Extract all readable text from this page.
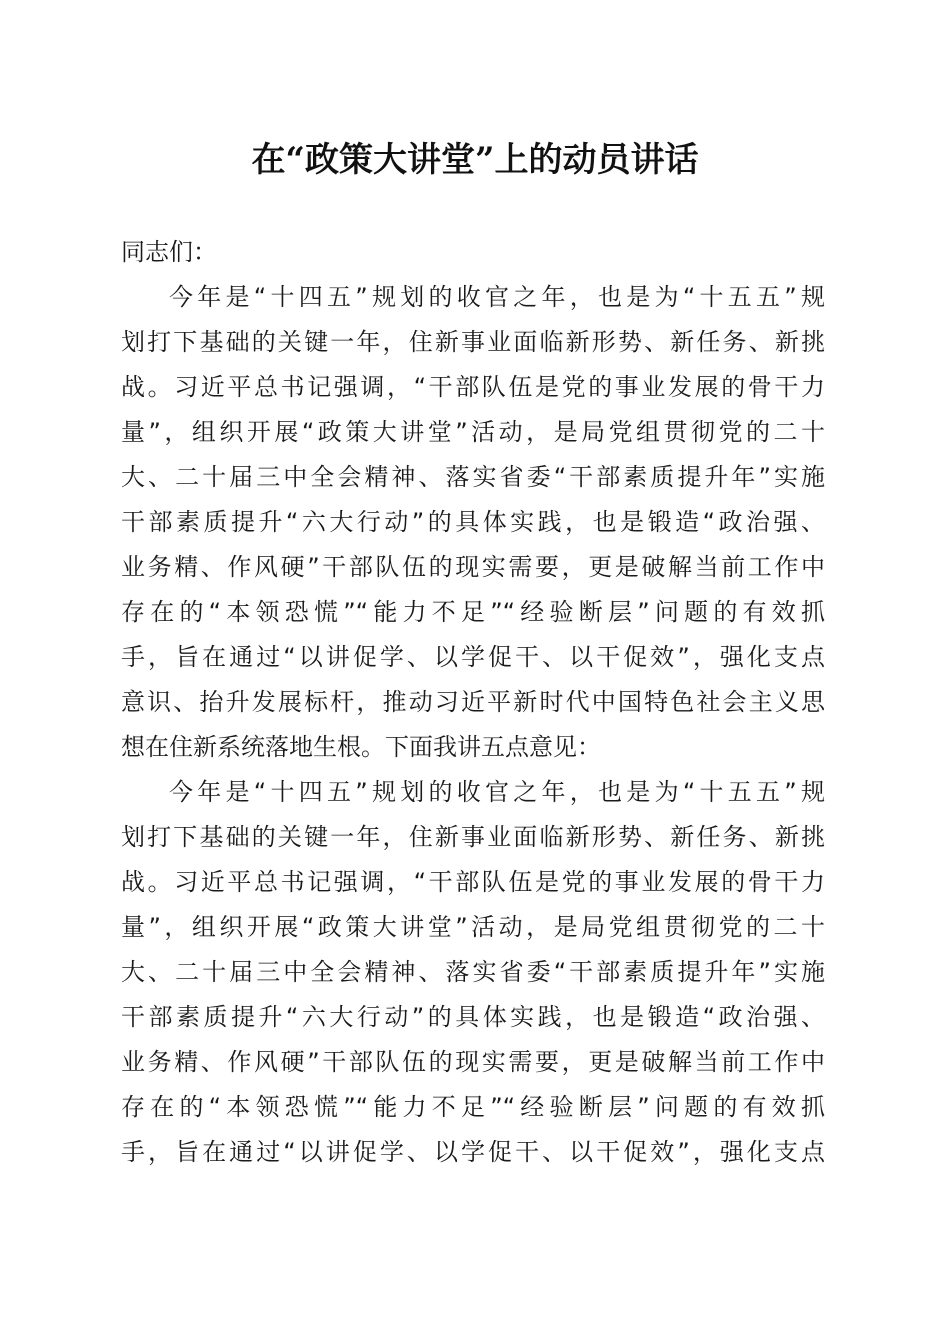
在“政策大讲堂”上的动员讲话
同志们：
今年是“十四五”规划的收官之年，也是为“十五五”规
划打下基础的关键一年，住新事业面临新形势、新任务、新挑
战。习近平总书记强调，“干部队伍是党的事业发展的骨干力
量”，组织开展“政策大讲堂”活动，是局党组贯彻党的二十
大、二十届三中全会精神、落实省委“干部素质提升年”实施
干部素质提升“六大行动”的具体实践，也是锻造“政治强、
业务精、作风硬”干部队伍的现实需要，更是破解当前工作中
存在的“本领恐慌”“能力不足”“经验断层”问题的有效抓
手，旨在通过“以讲促学、以学促干、以干促效”，强化支点
意识、抬升发展标杆，推动习近平新时代中国特色社会主义思
想在住新系统落地生根。下面我讲五点意见：
今年是“十四五”规划的收官之年，也是为“十五五”规
划打下基础的关键一年，住新事业面临新形势、新任务、新挑
战。习近平总书记强调，“干部队伍是党的事业发展的骨干力
量”，组织开展“政策大讲堂”活动，是局党组贯彻党的二十
大、二十届三中全会精神、落实省委“干部素质提升年”实施
干部素质提升“六大行动”的具体实践，也是锻造“政治强、
业务精、作风硬”干部队伍的现实需要，更是破解当前工作中
存在的“本领恐慌”“能力不足”“经验断层”问题的有效抓
手，旨在通过“以讲促学、以学促干、以干促效”，强化支点
